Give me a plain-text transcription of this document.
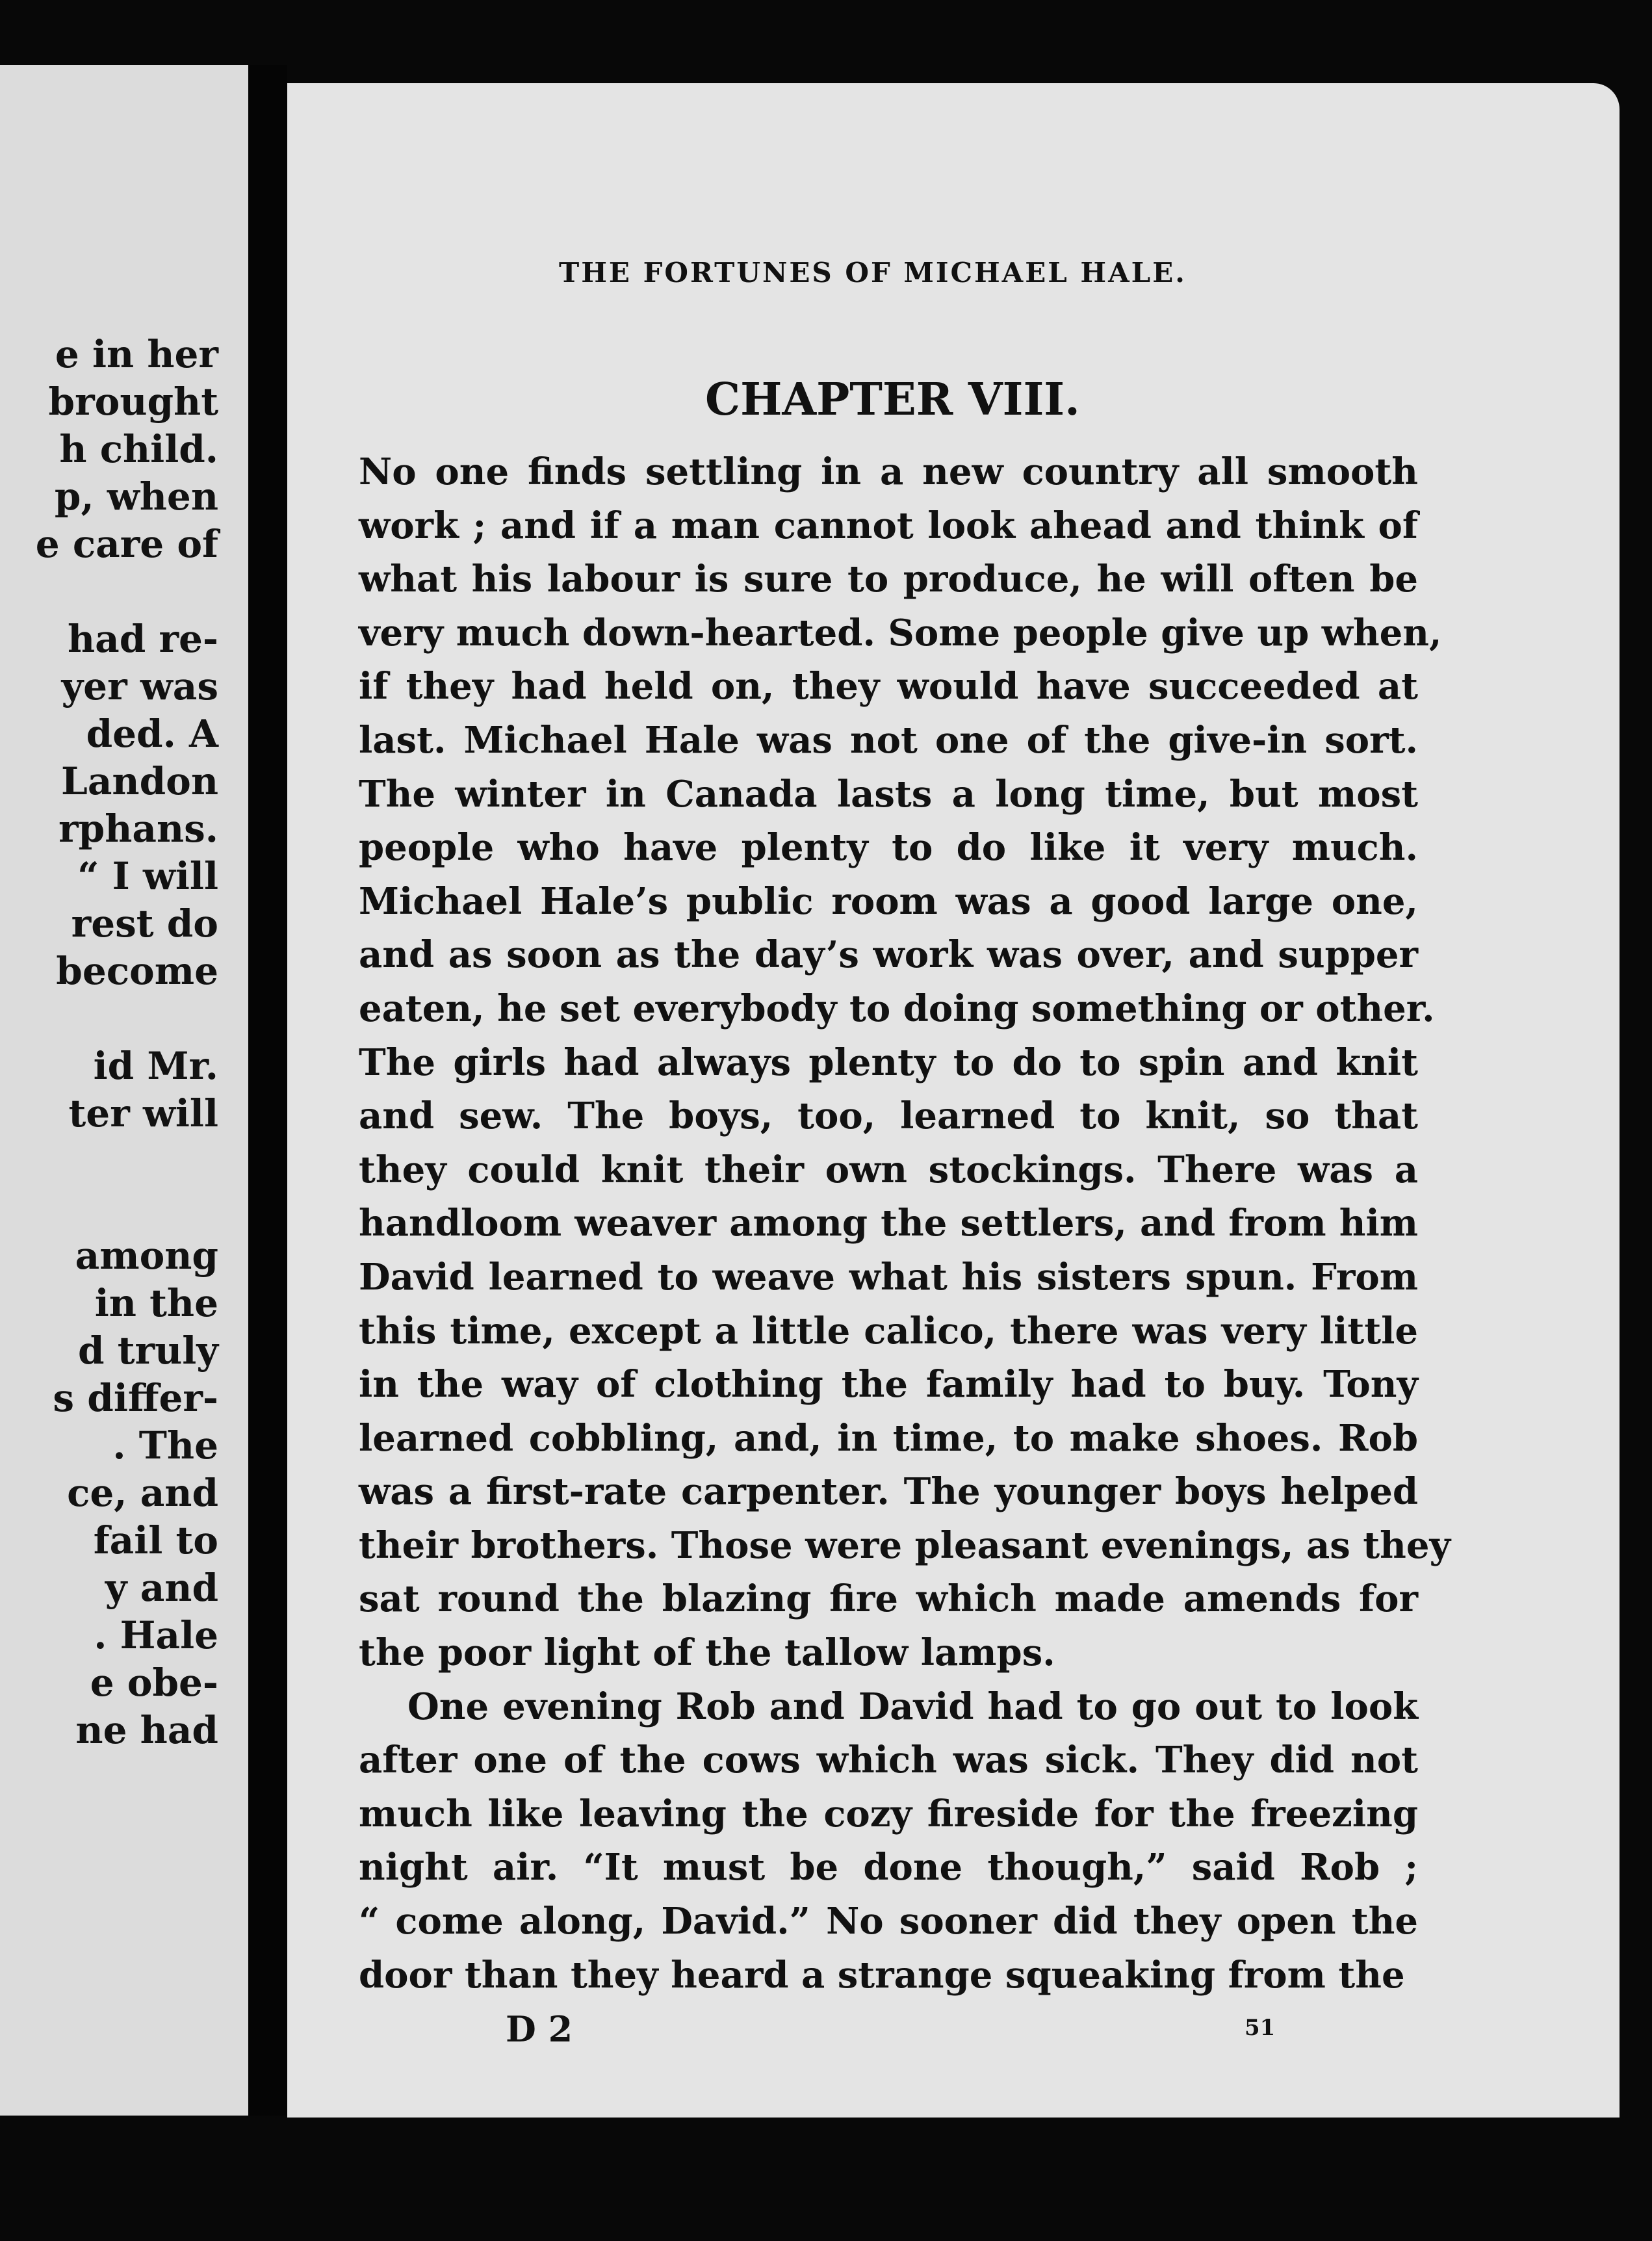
e in her
brought
h child.
p, when
e care of
had re-
yer was
ded. A
Landon
rphans.
“ I will
rest do
become
id Mr.
ter will
among
in the
d truly
s differ-
. The
ce, and
fail to
y and
. Hale
e obe-
ne had
THE FORTUNES OF MICHAEL HALE.
CHAPTER VIII.
No one finds settling in a new country all smooth
work ; and if a man cannot look ahead and think of
what his labour is sure to produce, he will often be
very much down-hearted. Some people give up when,
if they had held on, they would have succeeded at
last. Michael Hale was not one of the give-in sort.
The winter in Canada lasts a long time, but most
people who have plenty to do like it very much.
Michael Hale’s public room was a good large one,
and as soon as the day’s work was over, and supper
eaten, he set everybody to doing something or other.
The girls had always plenty to do to spin and knit
and sew. The boys, too, learned to knit, so that
they could knit their own stockings. There was a
handloom weaver among the settlers, and from him
David learned to weave what his sisters spun. From
this time, except a little calico, there was very little
in the way of clothing the family had to buy. Tony
learned cobbling, and, in time, to make shoes. Rob
was a first-rate carpenter. The younger boys helped
their brothers. Those were pleasant evenings, as they
sat round the blazing fire which made amends for
the poor light of the tallow lamps.
One evening Rob and David had to go out to look
after one of the cows which was sick. They did not
much like leaving the cozy fireside for the freezing
night air. “It must be done though,” said Rob ;
“ come along, David.” No sooner did they open the
door than they heard a strange squeaking from the
D 2	51
